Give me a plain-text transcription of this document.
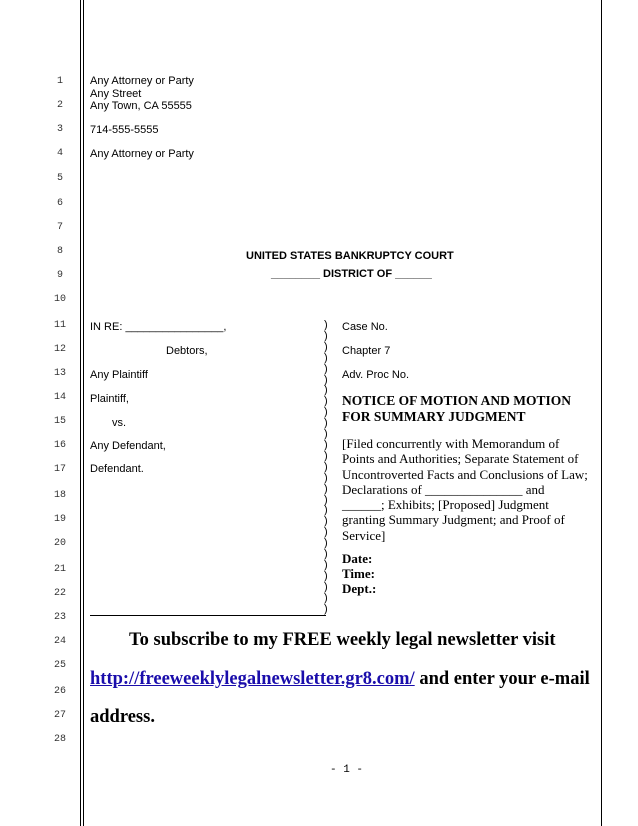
1
2
3
4
5
6
7
8
9
10
11
12
13
14
15
16
17
18
19
20
21
22
23
24
25
26
27
28
Any Attorney or Party
Any Street
Any Town, CA 55555
714-555-5555
Any Attorney or Party
UNITED STATES BANKRUPTCY COURT
________ DISTRICT OF ______
IN RE: ________________,
Debtors,
Any Plaintiff
Plaintiff,
vs.
Any Defendant,
Defendant.
)
)
)
)
)
)
)
)
)
)
)
)
)
)
)
)
)
)
)
)
)
)
)
)
)
)
)
Case No.
Chapter 7
Adv. Proc No.
NOTICE OF MOTION AND MOTION
FOR SUMMARY JUDGMENT
[Filed concurrently with Memorandum of
Points and Authorities; Separate Statement of
Uncontroverted Facts and Conclusions of Law;
Declarations of _______________ and
______; Exhibits; [Proposed] Judgment
granting Summary Judgment; and Proof of
Service]
Date:
Time:
Dept.:
To subscribe to my FREE weekly legal newsletter visit
http://freeweeklylegalnewsletter.gr8.com/ and enter your e-mail
address.
- 1 -
